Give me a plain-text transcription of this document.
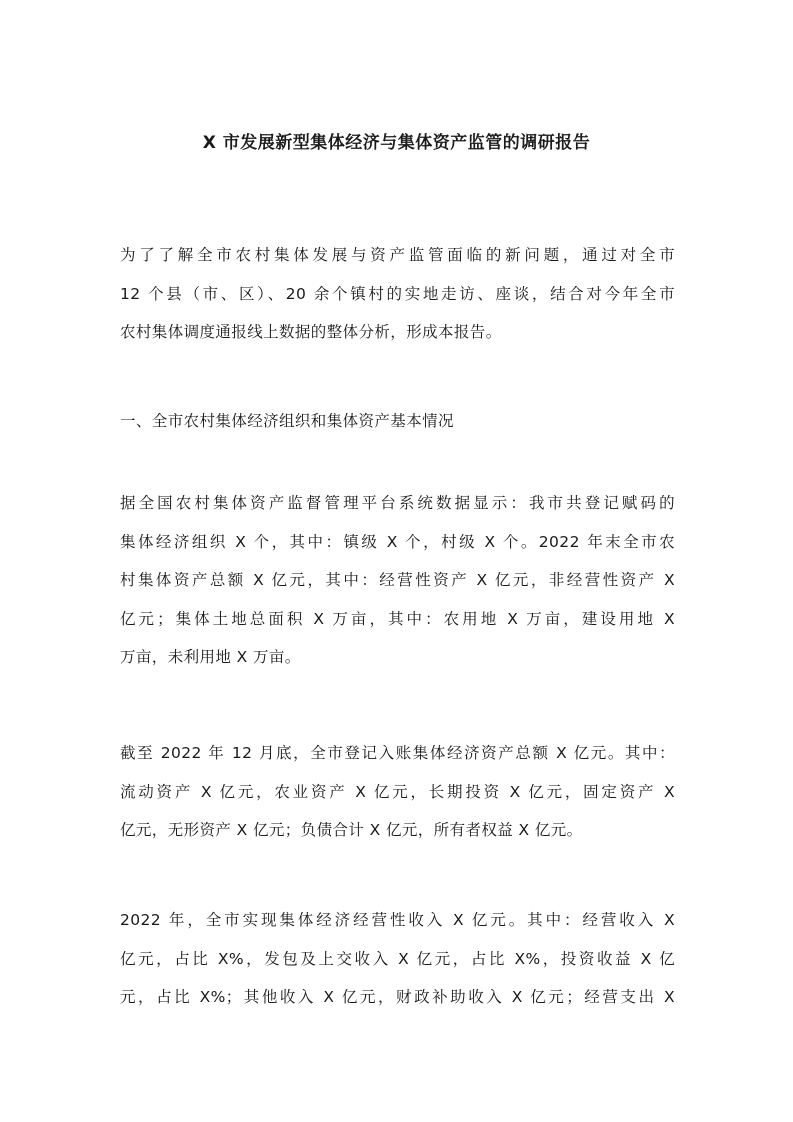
X 市发展新型集体经济与集体资产监管的调研报告
为了了解全市农村集体发展与资产监管面临的新问题，通过对全市
12 个县（市、区）、20 余个镇村的实地走访、座谈，结合对今年全市
农村集体调度通报线上数据的整体分析，形成本报告。
一、全市农村集体经济组织和集体资产基本情况
据全国农村集体资产监督管理平台系统数据显示：我市共登记赋码的
集体经济组织 X 个，其中：镇级 X 个，村级 X 个。2022 年末全市农
村集体资产总额 X 亿元，其中：经营性资产 X 亿元，非经营性资产 X
亿元；集体土地总面积 X 万亩，其中：农用地 X 万亩，建设用地 X
万亩，未利用地 X 万亩。
截至 2022 年 12 月底，全市登记入账集体经济资产总额 X 亿元。其中：
流动资产 X 亿元，农业资产 X 亿元，长期投资 X 亿元，固定资产 X
亿元，无形资产 X 亿元；负债合计 X 亿元，所有者权益 X 亿元。
2022 年，全市实现集体经济经营性收入 X 亿元。其中：经营收入 X
亿元，占比 X%，发包及上交收入 X 亿元，占比 X%，投资收益 X 亿
元，占比 X%；其他收入 X 亿元，财政补助收入 X 亿元；经营支出 X
